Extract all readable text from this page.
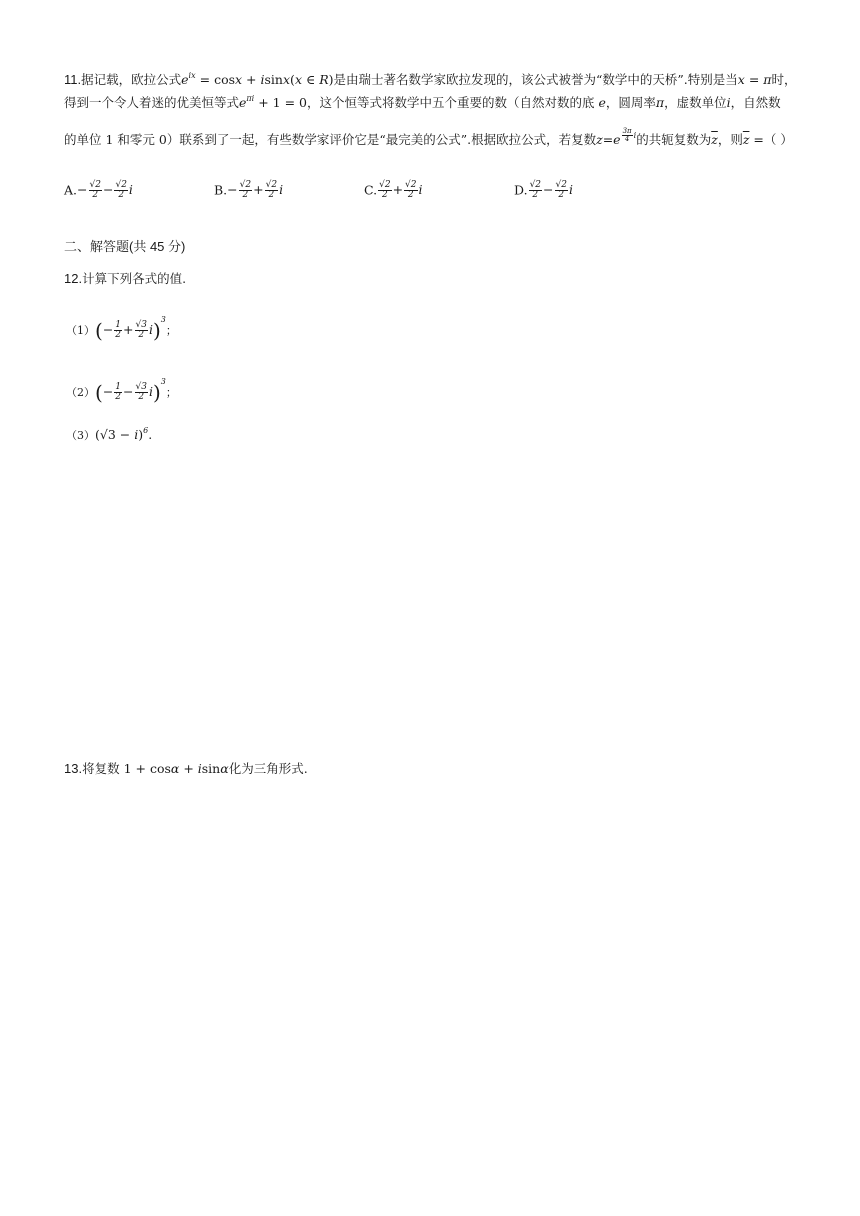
11.据记载，欧拉公式$e^{ix} = \cos x + isinx(x$ ∈ R)是由瑞士著名数学家欧拉发现的，该公式被誉为“数学中的天桥”.特别是当x = π时，
得到一个令人着迷的优美恒等式$e^{\pi i} + 1 = 0$，这个恒等式将数学中五个重要的数（自然对数的底 e，圆周率π，虚数单位i，自然数
的单位 1 和零元 0）联系到了一起，有些数学家评价它是“最完美的公式”.根据欧拉公式，若复数z=e $^{\frac{3\pi}{4} i}$的共轭复数为$\overline{z}$，则$\overline{z}$ =（ ）
$A.- \frac{√2}{2} - \frac{√2}{2}$ i	$B.- \frac{√2}{2} + \frac{√2}{2}$ i	C. $\frac{√2}{2} + \frac{√2}{2}$ i	D. $\frac{√2}{2} - \frac{√2}{2}$ i
二、解答题(共 45 分)
12.计算下列各式的值.
$(1)(- \frac{1}{2} + \frac{√3}{2} i)^3$；
$(2)(- \frac{1}{2} - \frac{√3}{2} i)^3$；
$(3)(√3 - i)^6$.
13.将复数 1 + cosα + isinα化为三角形式.
